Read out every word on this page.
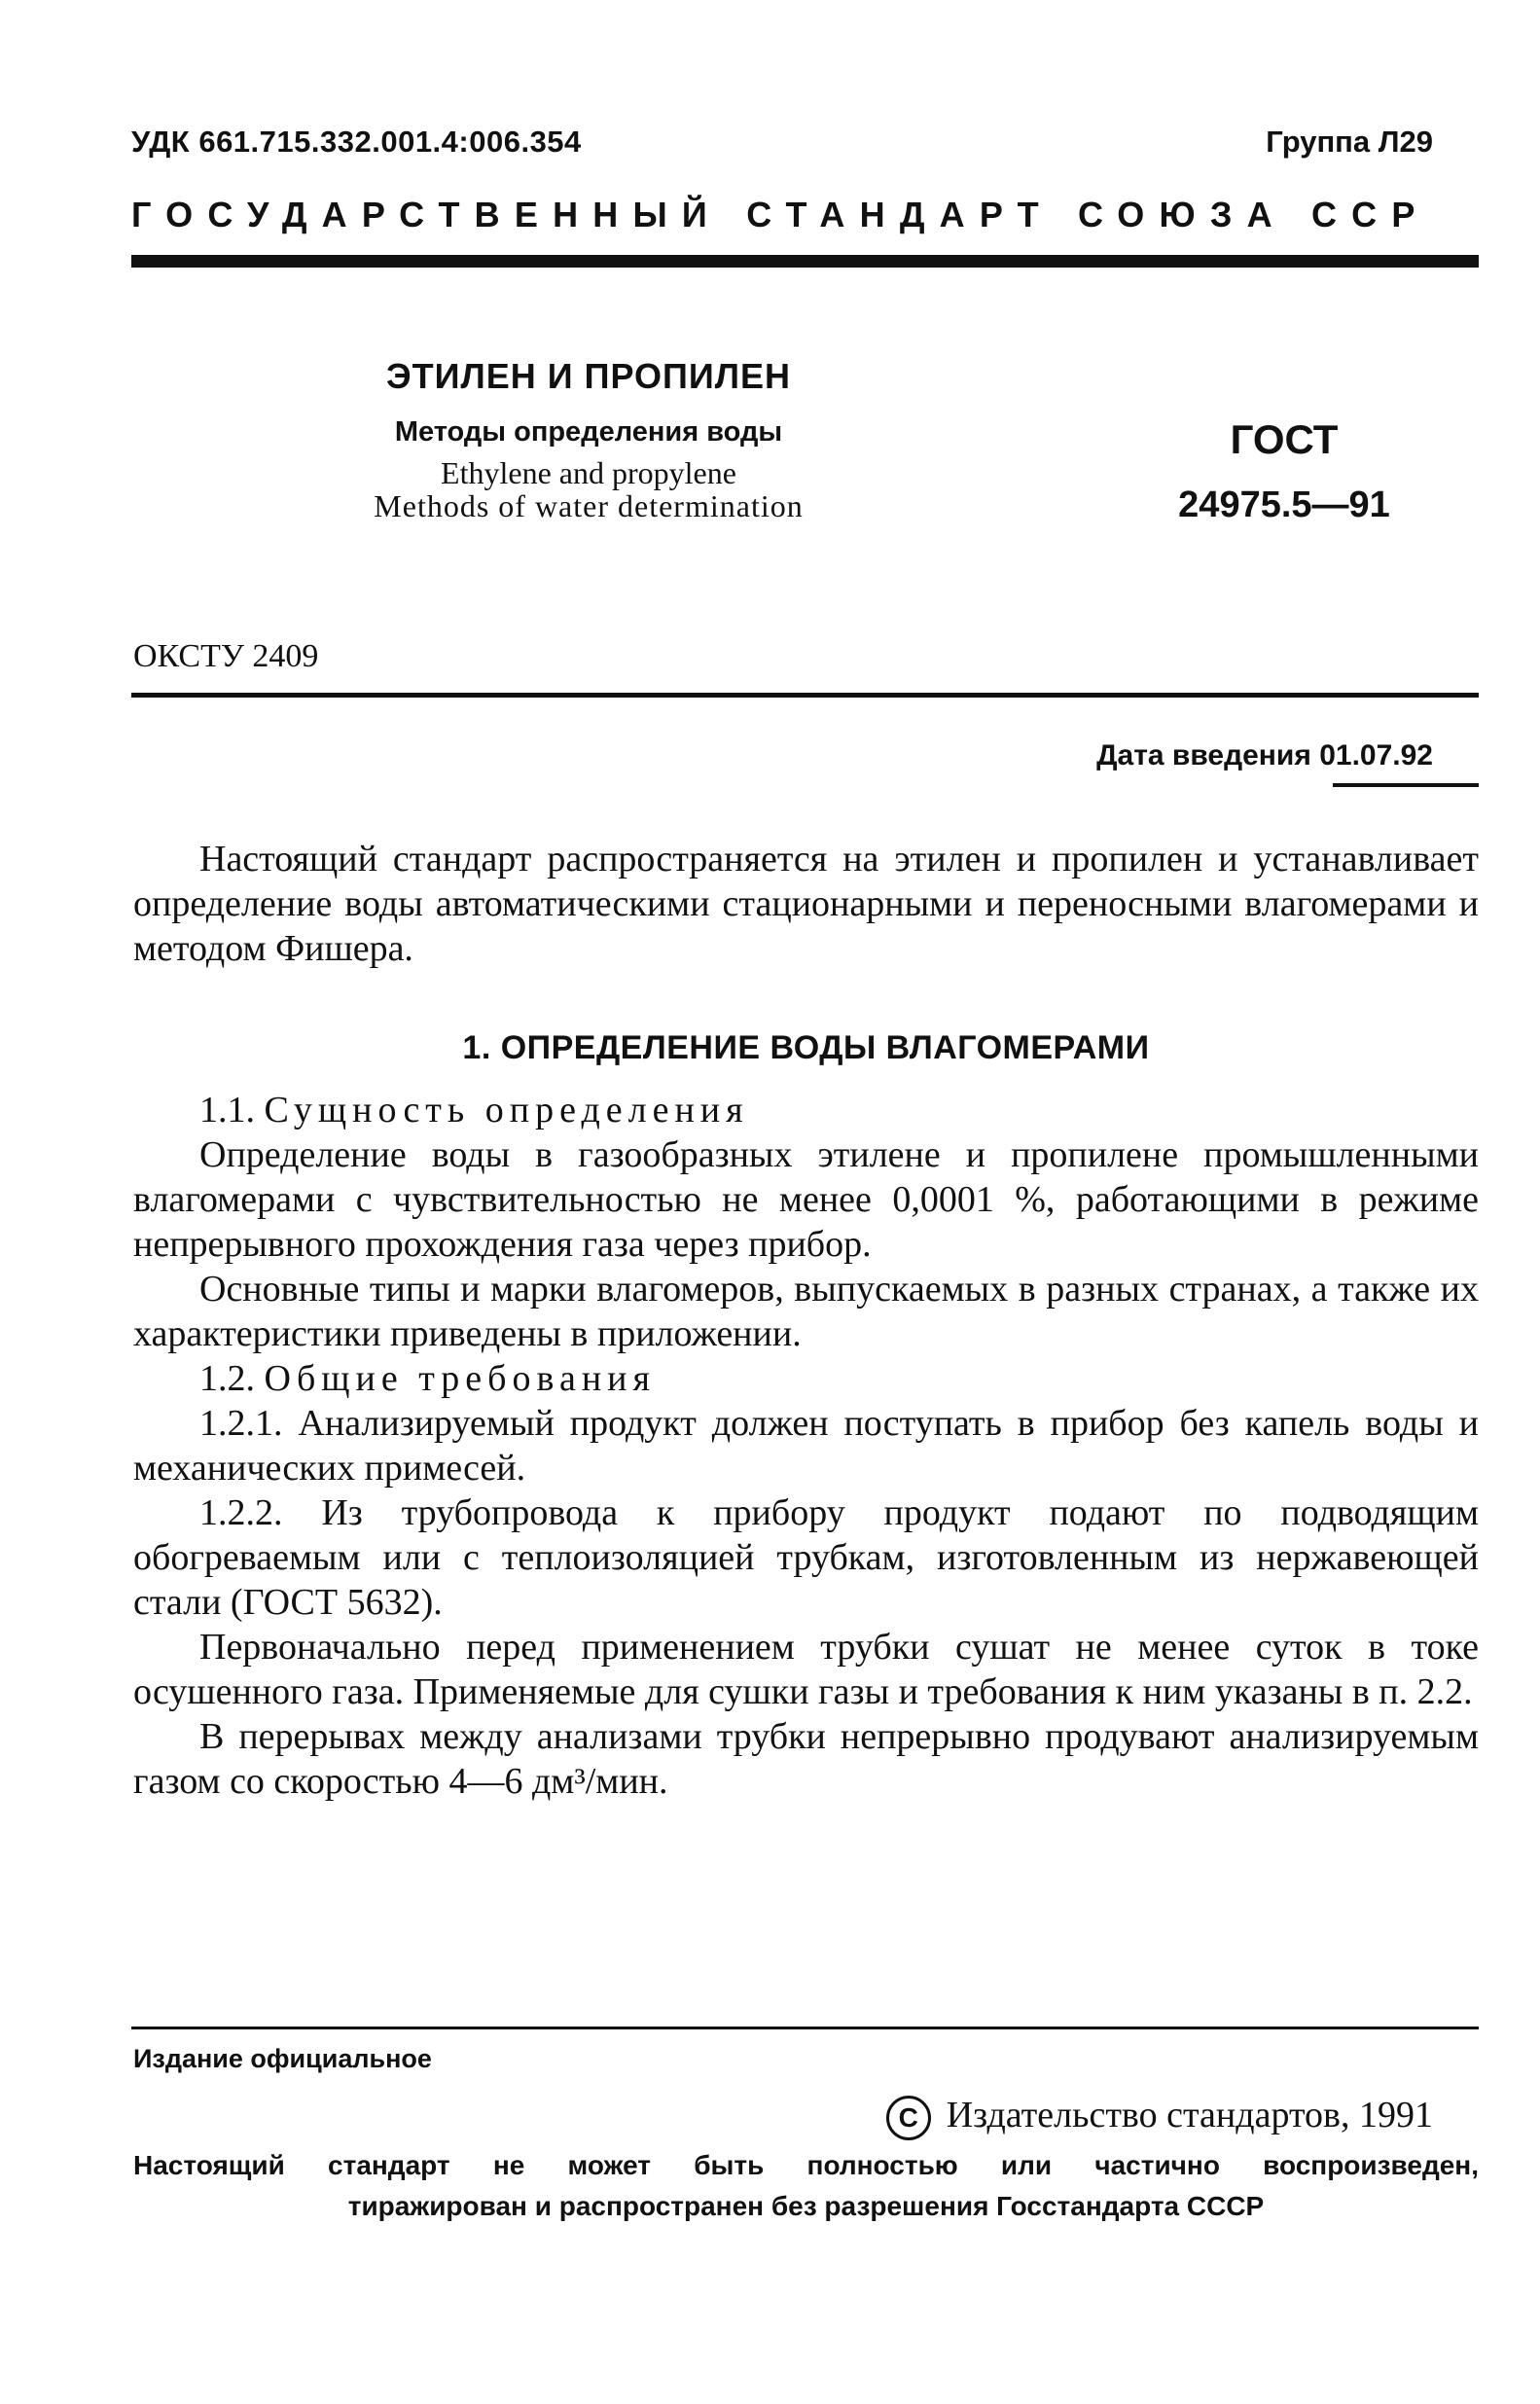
УДК 661.715.332.001.4:006.354	Группа Л29
ГОСУДАРСТВЕННЫЙ СТАНДАРТ СОЮЗА ССР
ЭТИЛЕН И ПРОПИЛЕН
Методы определения воды
Ethylene and propylene
Methods of water determination
ГОСТ
24975.5—91
ОКСТУ 2409
Дата введения 01.07.92

Настоящий стандарт распространяется на этилен и пропилен и устанавливает определение воды автоматическими стационарными и переносными влагомерами и методом Фишера.

1. ОПРЕДЕЛЕНИЕ ВОДЫ ВЛАГОМЕРАМИ
1.1. Сущность определения
Определение воды в газообразных этилене и пропилене промышленными влагомерами с чувствительностью не менее 0,0001 %, работающими в режиме непрерывного прохождения газа через прибор.
Основные типы и марки влагомеров, выпускаемых в разных странах, а также их характеристики приведены в приложении.
1.2. Общие требования
1.2.1. Анализируемый продукт должен поступать в прибор без капель воды и механических примесей.
1.2.2. Из трубопровода к прибору продукт подают по подводящим обогреваемым или с теплоизоляцией трубкам, изготовленным из нержавеющей стали (ГОСТ 5632).
Первоначально перед применением трубки сушат не менее суток в токе осушенного газа. Применяемые для сушки газы и требования к ним указаны в п. 2.2.
В перерывах между анализами трубки непрерывно продувают анализируемым газом со скоростью 4—6 дм³/мин.
Издание официальное
C Издательство стандартов, 1991
Настоящий стандарт не может быть полностью или частично воспроизведен,
тиражирован и распространен без разрешения Госстандарта СССР
